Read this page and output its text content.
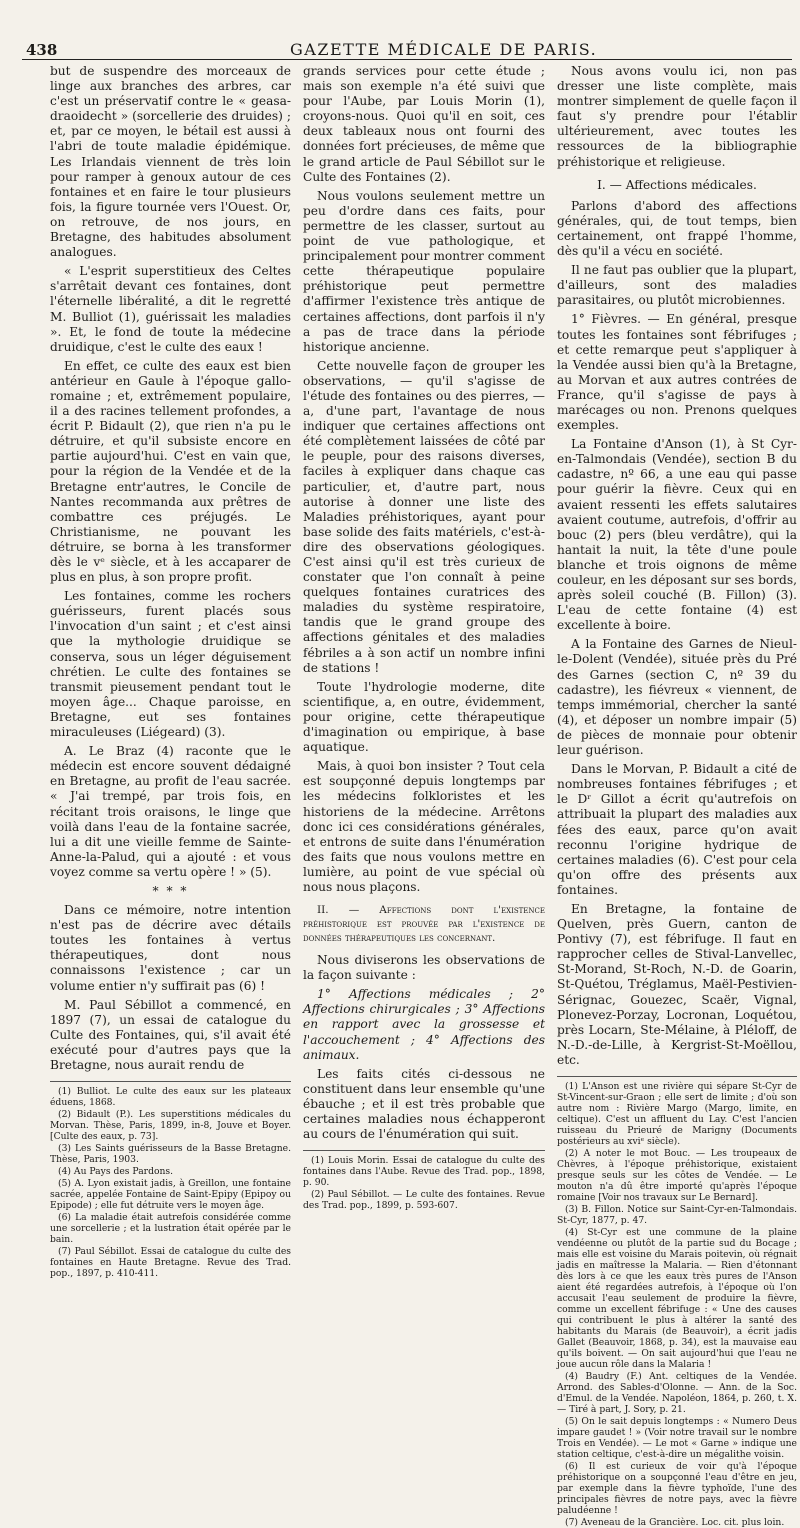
438	GAZETTE MÉDICALE DE PARIS.

but de suspendre des morceaux de linge aux branches des arbres, car c'est un préservatif contre le « geasa-draoidecht » (sorcellerie des druides) ; et, par ce moyen, le bétail est aussi à l'abri de toute maladie épidémique. Les Irlandais viennent de très loin pour ramper à genoux autour de ces fontaines et en faire le tour plusieurs fois, la figure tournée vers l'Ouest. Or, on retrouve, de nos jours, en Bretagne, des habitudes absolument analogues.

« L'esprit superstitieux des Celtes s'arrêtait devant ces fontaines, dont l'éternelle libéralité, a dit le regretté M. Bulliot (1), guérissait les maladies ». Et, le fond de toute la médecine druidique, c'est le culte des eaux !

En effet, ce culte des eaux est bien antérieur en Gaule à l'époque gallo-romaine ; et, extrêmement populaire, il a des racines tellement profondes, a écrit P. Bidault (2), que rien n'a pu le détruire, et qu'il subsiste encore en partie aujourd'hui. C'est en vain que, pour la région de la Vendée et de la Bretagne entr'autres, le Concile de Nantes recommanda aux prêtres de combattre ces préjugés. Le Christianisme, ne pouvant les détruire, se borna à les transformer dès le vᵉ siècle, et à les accaparer de plus en plus, à son propre profit.

Les fontaines, comme les rochers guérisseurs, furent placés sous l'invocation d'un saint ; et c'est ainsi que la mythologie druidique se conserva, sous un léger déguisement chrétien. Le culte des fontaines se transmit pieusement pendant tout le moyen âge... Chaque paroisse, en Bretagne, eut ses fontaines miraculeuses (Liégeard) (3).

A. Le Braz (4) raconte que le médecin est encore souvent dédaigné en Bretagne, au profit de l'eau sacrée. « J'ai trempé, par trois fois, en récitant trois oraisons, le linge que voilà dans l'eau de la fontaine sacrée, lui a dit une vieille femme de Sainte-Anne-la-Palud, qui a ajouté : et vous voyez comme sa vertu opère ! » (5).

* * *

Dans ce mémoire, notre intention n'est pas de décrire avec détails toutes les fontaines à vertus thérapeutiques, dont nous connaissons l'existence ; car un volume entier n'y suffirait pas (6) !

M. Paul Sébillot a commencé, en 1897 (7), un essai de catalogue du Culte des Fontaines, qui, s'il avait été exécuté pour d'autres pays que la Bretagne, nous aurait rendu de

(1) Bulliot. Le culte des eaux sur les plateaux éduens, 1868.
(2) Bidault (P.). Les superstitions médicales du Morvan. Thèse, Paris, 1899, in-8, Jouve et Boyer. [Culte des eaux, p. 73].
(3) Les Saints guérisseurs de la Basse Bretagne. Thèse, Paris, 1903.
(4) Au Pays des Pardons.
(5) A. Lyon existait jadis, à Greillon, une fontaine sacrée, appelée Fontaine de Saint-Epipy (Epipoy ou Epipode) ; elle fut détruite vers le moyen âge.
(6) La maladie était autrefois considérée comme une sorcellerie ; et la lustration était opérée par le bain.
(7) Paul Sébillot. Essai de catalogue du culte des fontaines en Haute Bretagne. Revue des Trad. pop., 1897, p. 410-411.

grands services pour cette étude ; mais son exemple n'a été suivi que pour l'Aube, par Louis Morin (1), croyons-nous. Quoi qu'il en soit, ces deux tableaux nous ont fourni des données fort précieuses, de même que le grand article de Paul Sébillot sur le Culte des Fontaines (2).

Nous voulons seulement mettre un peu d'ordre dans ces faits, pour permettre de les classer, surtout au point de vue pathologique, et principalement pour montrer comment cette thérapeutique populaire préhistorique peut permettre d'affirmer l'existence très antique de certaines affections, dont parfois il n'y a pas de trace dans la période historique ancienne.

Cette nouvelle façon de grouper les observations, — qu'il s'agisse de l'étude des fontaines ou des pierres, — a, d'une part, l'avantage de nous indiquer que certaines affections ont été complètement laissées de côté par le peuple, pour des raisons diverses, faciles à expliquer dans chaque cas particulier, et, d'autre part, nous autorise à donner une liste des Maladies préhistoriques, ayant pour base solide des faits matériels, c'est-à-dire des observations géologiques. C'est ainsi qu'il est très curieux de constater que l'on connaît à peine quelques fontaines curatrices des maladies du système respiratoire, tandis que le grand groupe des affections génitales et des maladies fébriles a à son actif un nombre infini de stations !

Toute l'hydrologie moderne, dite scientifique, a, en outre, évidemment, pour origine, cette thérapeutique d'imagination ou empirique, à base aquatique.

Mais, à quoi bon insister ? Tout cela est soupçonné depuis longtemps par les médecins folkloristes et les historiens de la médecine. Arrêtons donc ici ces considérations générales, et entrons de suite dans l'énumération des faits que nous voulons mettre en lumière, au point de vue spécial où nous nous plaçons.

II. — Affections dont l'existence préhistorique est prouvée par l'existence de données thérapeutiques les concernant.

Nous diviserons les observations de la façon suivante :

1° Affections médicales ; 2° Affections chirurgicales ; 3° Affections en rapport avec la grossesse et l'accouchement ; 4° Affections des animaux.

Les faits cités ci-dessous ne constituent dans leur ensemble qu'une ébauche ; et il est très probable que certaines maladies nous échapperont au cours de l'énumération qui suit.

(1) Louis Morin. Essai de catalogue du culte des fontaines dans l'Aube. Revue des Trad. pop., 1898, p. 90.
(2) Paul Sébillot. — Le culte des fontaines. Revue des Trad. pop., 1899, p. 593-607.

Nous avons voulu ici, non pas dresser une liste complète, mais montrer simplement de quelle façon il faut s'y prendre pour l'établir ultérieurement, avec toutes les ressources de la bibliographie préhistorique et religieuse.

I. — Affections médicales.

Parlons d'abord des affections générales, qui, de tout temps, bien certainement, ont frappé l'homme, dès qu'il a vécu en société.

Il ne faut pas oublier que la plupart, d'ailleurs, sont des maladies parasitaires, ou plutôt microbiennes.

1° Fièvres. — En général, presque toutes les fontaines sont fébrifuges ; et cette remarque peut s'appliquer à la Vendée aussi bien qu'à la Bretagne, au Morvan et aux autres contrées de France, qu'il s'agisse de pays à marécages ou non. Prenons quelques exemples.

La Fontaine d'Anson (1), à St Cyr-en-Talmondais (Vendée), section B du cadastre, nº 66, a une eau qui passe pour guérir la fièvre. Ceux qui en avaient ressenti les effets salutaires avaient coutume, autrefois, d'offrir au bouc (2) pers (bleu verdâtre), qui la hantait la nuit, la tête d'une poule blanche et trois oignons de même couleur, en les déposant sur ses bords, après soleil couché (B. Fillon) (3). L'eau de cette fontaine (4) est excellente à boire.

A la Fontaine des Garnes de Nieul-le-Dolent (Vendée), située près du Pré des Garnes (section C, nº 39 du cadastre), les fiévreux « viennent, de temps immémorial, chercher la santé (4), et déposer un nombre impair (5) de pièces de monnaie pour obtenir leur guérison.

Dans le Morvan, P. Bidault a cité de nombreuses fontaines fébrifuges ; et le Dʳ Gillot a écrit qu'autrefois on attribuait la plupart des maladies aux fées des eaux, parce qu'on avait reconnu l'origine hydrique de certaines maladies (6). C'est pour cela qu'on offre des présents aux fontaines.

En Bretagne, la fontaine de Quelven, près Guern, canton de Pontivy (7), est fébrifuge. Il faut en rapprocher celles de Stival-Lanvellec, St-Morand, St-Roch, N.-D. de Goarin, St-Quétou, Tréglamus, Maël-Pestivien-Sérignac, Gouezec, Scaër, Vignal, Plonevez-Porzay, Locronan, Loquétou, près Locarn, Ste-Mélaine, à Pléloff, de N.-D.-de-Lille, à Kergrist-St-Moëllou, etc.

(1) L'Anson est une rivière qui sépare St-Cyr de St-Vincent-sur-Graon ; elle sert de limite ; d'où son autre nom : Rivière Margo (Margo, limite, en celtique). C'est un affluent du Lay. C'est l'ancien ruisseau du Prieuré de Marigny (Documents postérieurs au xviᵉ siècle).
(2) A noter le mot Bouc. — Les troupeaux de Chèvres, à l'époque préhistorique, existaient presque seuls sur les côtes de Vendée. — Le mouton n'a dû être importé qu'après l'époque romaine [Voir nos travaux sur Le Bernard].
(3) B. Fillon. Notice sur Saint-Cyr-en-Talmondais. St-Cyr, 1877, p. 47.
(4) St-Cyr est une commune de la plaine vendéenne ou plutôt de la partie sud du Bocage ; mais elle est voisine du Marais poitevin, où régnait jadis en maîtresse la Malaria. — Rien d'étonnant dès lors à ce que les eaux très pures de l'Anson aient été regardées autrefois, à l'époque où l'on accusait l'eau seulement de produire la fièvre, comme un excellent fébrifuge : « Une des causes qui contribuent le plus à altérer la santé des habitants du Marais (de Beauvoir), a écrit jadis Gallet (Beauvoir, 1868, p. 34), est la mauvaise eau qu'ils boivent. — On sait aujourd'hui que l'eau ne joue aucun rôle dans la Malaria !
(4) Baudry (F.) Ant. celtiques de la Vendée. Arrond. des Sables-d'Olonne. — Ann. de la Soc. d'Emul. de la Vendée. Napoléon, 1864, p. 260, t. X. — Tiré à part, J. Sory, p. 21.
(5) On le sait depuis longtemps : « Numero Deus impare gaudet ! » (Voir notre travail sur le nombre Trois en Vendée). — Le mot « Garne » indique une station celtique, c'est-à-dire un mégalithe voisin.
(6) Il est curieux de voir qu'à l'époque préhistorique on a soupçonné l'eau d'être en jeu, par exemple dans la fièvre typhoïde, l'une des principales fièvres de notre pays, avec la fièvre paludéenne !
(7) Aveneau de la Grancière. Loc. cit. plus loin.
